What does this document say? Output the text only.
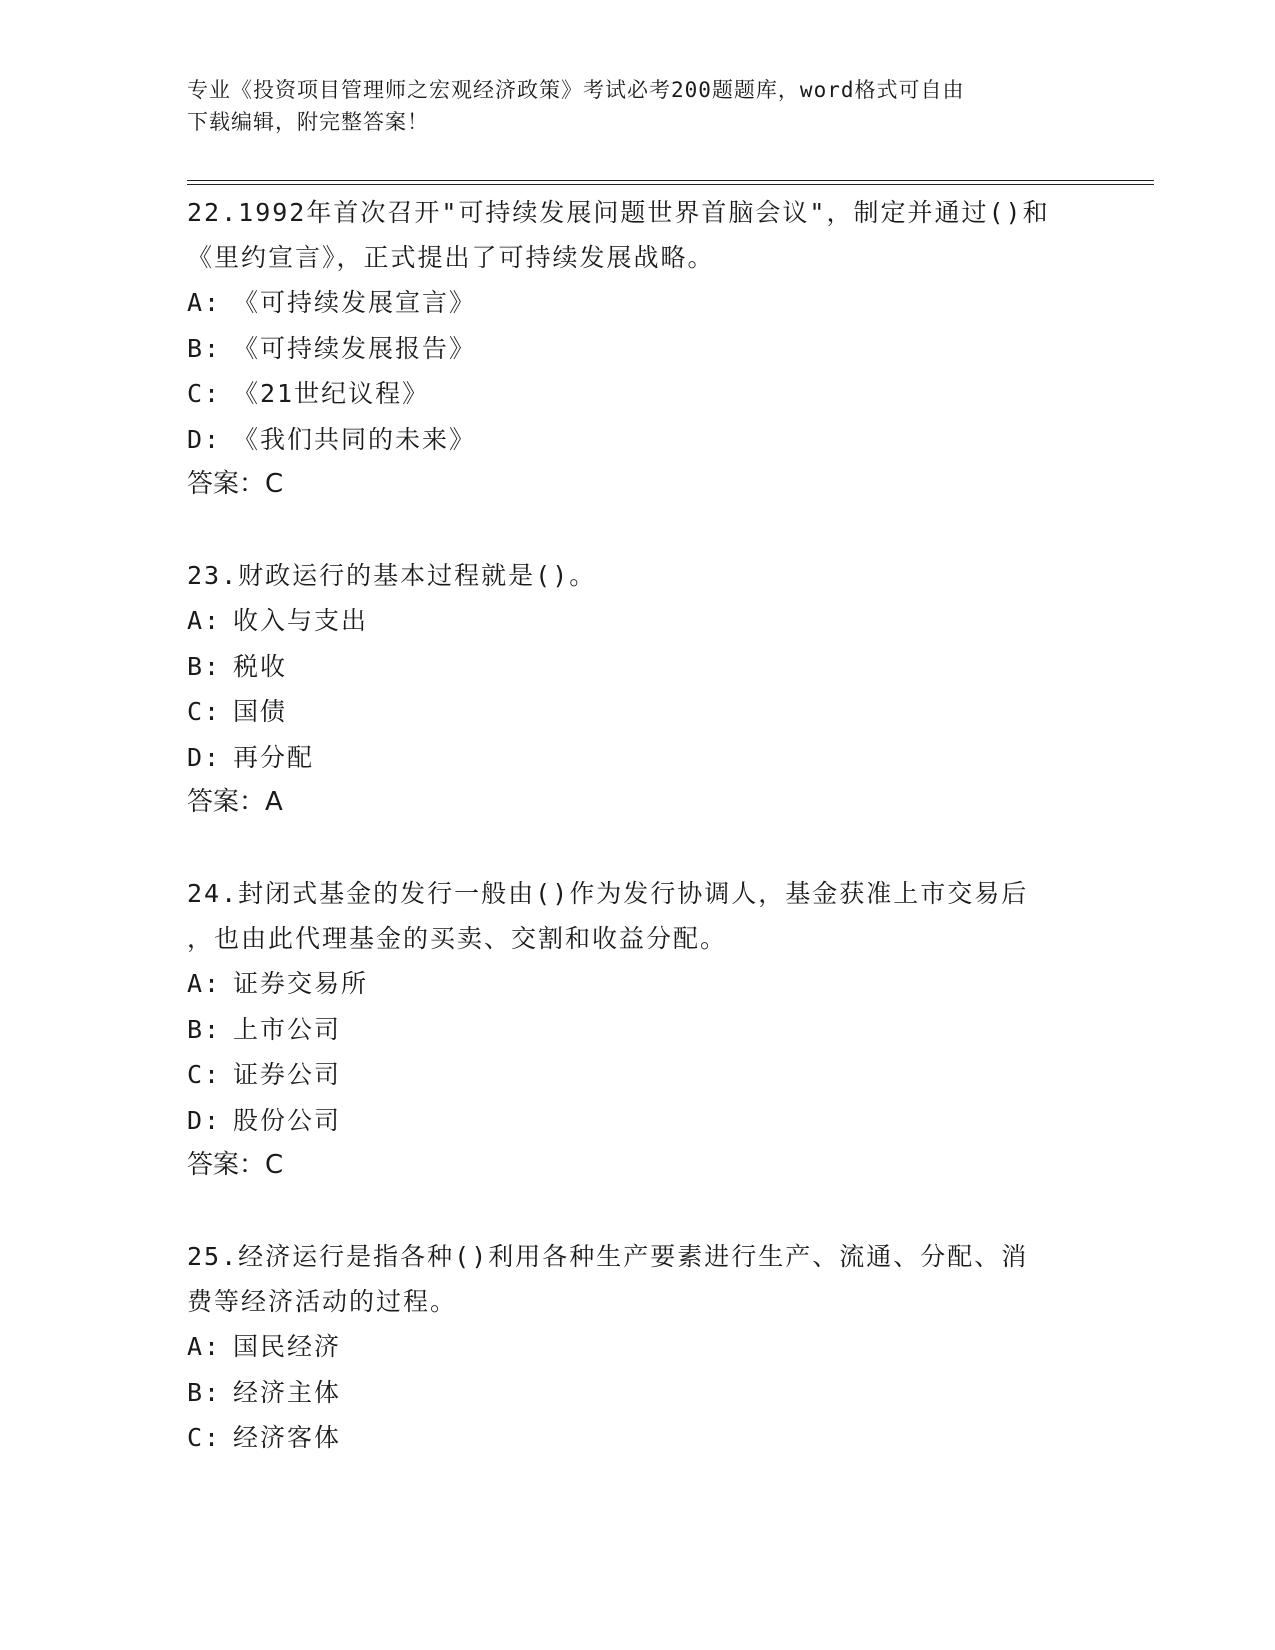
专业《投资项目管理师之宏观经济政策》考试必考200题题库，word格式可自由
下载编辑，附完整答案！

22.1992年首次召开"可持续发展问题世界首脑会议"，制定并通过()和

《里约宣言》，正式提出了可持续发展战略。

A: 《可持续发展宣言》

B: 《可持续发展报告》

C: 《21世纪议程》

D: 《我们共同的未来》

答案：C

23.财政运行的基本过程就是()。

A: 收入与支出

B: 税收

C: 国债

D: 再分配

答案：A

24.封闭式基金的发行一般由()作为发行协调人，基金获准上市交易后

，也由此代理基金的买卖、交割和收益分配。

A: 证券交易所

B: 上市公司

C: 证券公司

D: 股份公司

答案：C

25.经济运行是指各种()利用各种生产要素进行生产、流通、分配、消

费等经济活动的过程。

A: 国民经济

B: 经济主体

C: 经济客体
